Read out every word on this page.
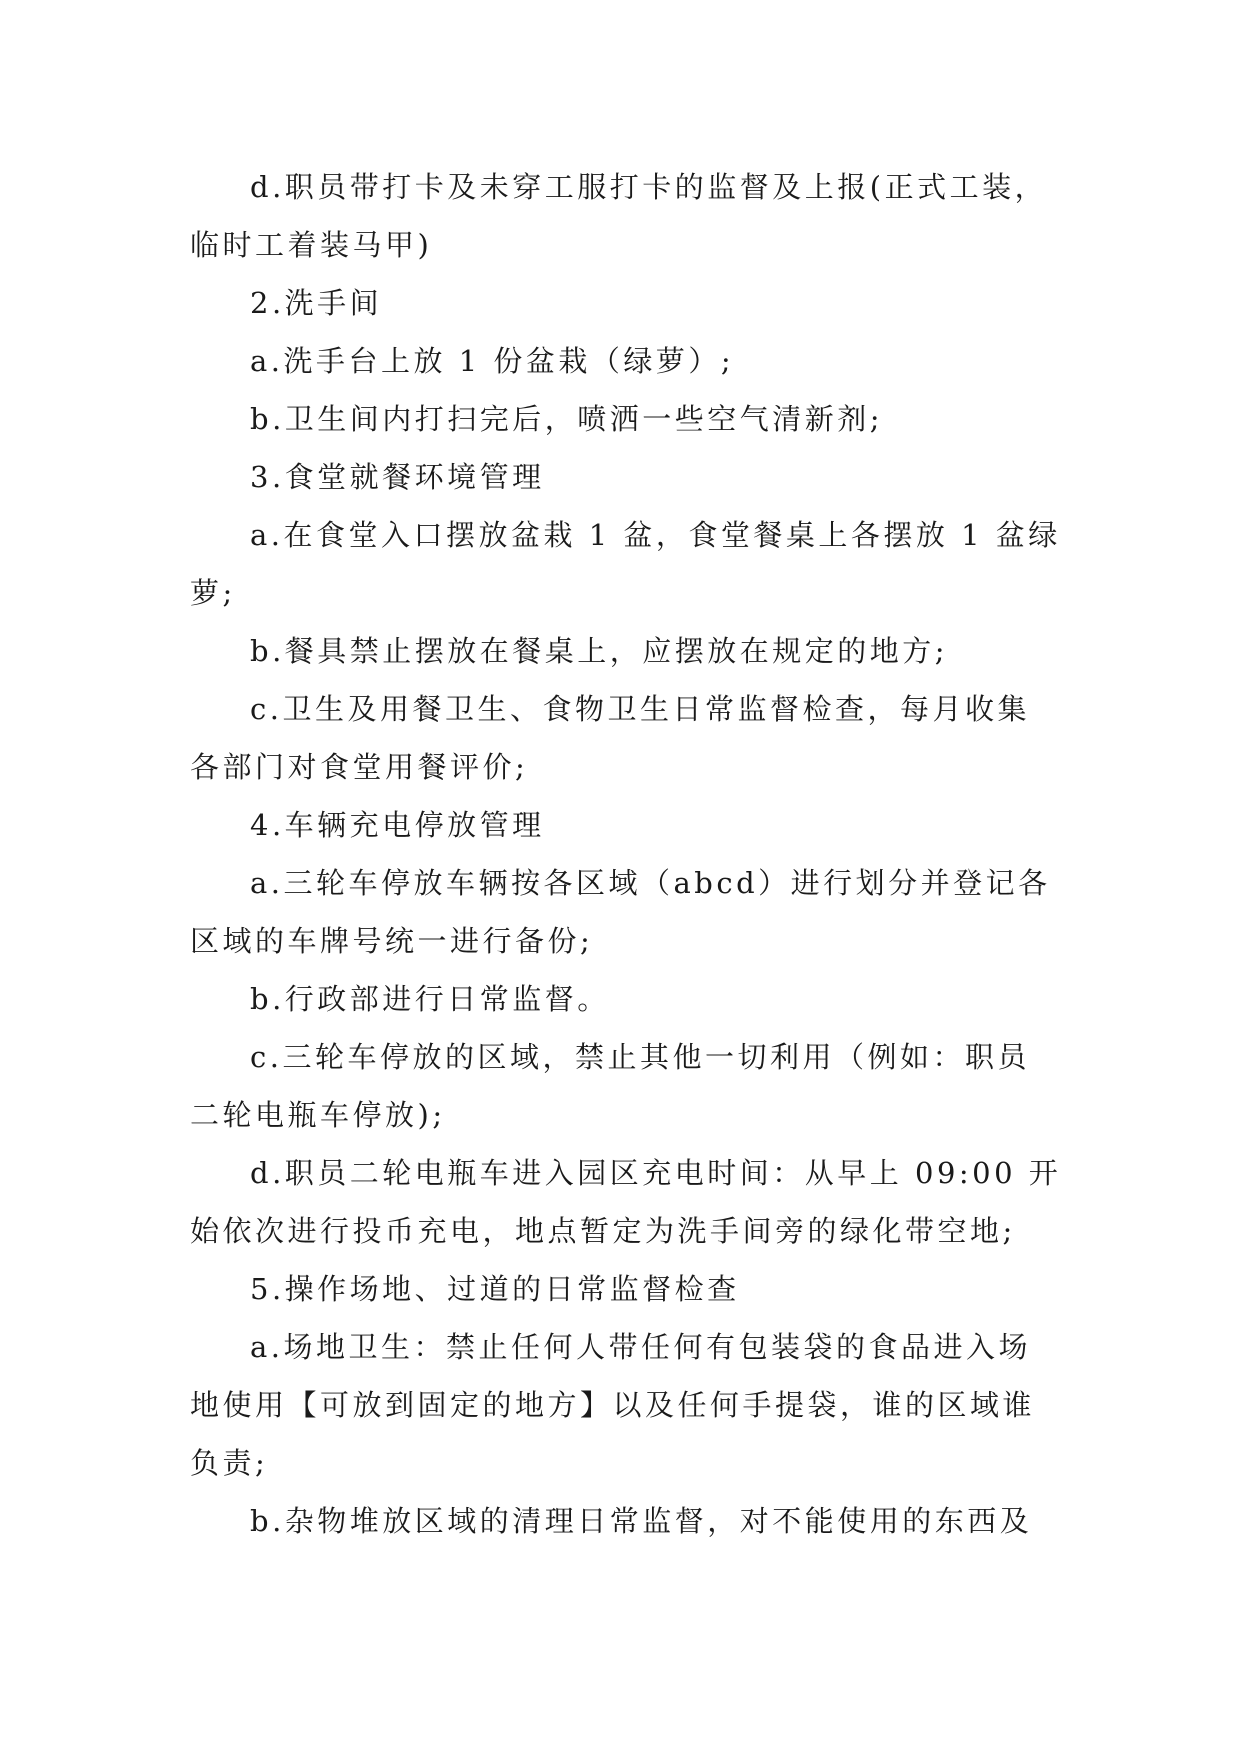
d.职员带打卡及未穿工服打卡的监督及上报(正式工装，
临时工着装马甲)
2.洗手间
a.洗手台上放 1 份盆栽（绿萝）;
b.卫生间内打扫完后，喷洒一些空气清新剂;
3.食堂就餐环境管理
a.在食堂入口摆放盆栽 1 盆，食堂餐桌上各摆放 1 盆绿
萝;
b.餐具禁止摆放在餐桌上，应摆放在规定的地方;
c.卫生及用餐卫生、食物卫生日常监督检查，每月收集
各部门对食堂用餐评价;
4.车辆充电停放管理
a.三轮车停放车辆按各区域（abcd）进行划分并登记各
区域的车牌号统一进行备份;
b.行政部进行日常监督。
c.三轮车停放的区域，禁止其他一切利用（例如：职员
二轮电瓶车停放);
d.职员二轮电瓶车进入园区充电时间：从早上 09:00 开
始依次进行投币充电，地点暂定为洗手间旁的绿化带空地;
5.操作场地、过道的日常监督检查
a.场地卫生：禁止任何人带任何有包装袋的食品进入场
地使用【可放到固定的地方】以及任何手提袋，谁的区域谁
负责;
b.杂物堆放区域的清理日常监督，对不能使用的东西及
